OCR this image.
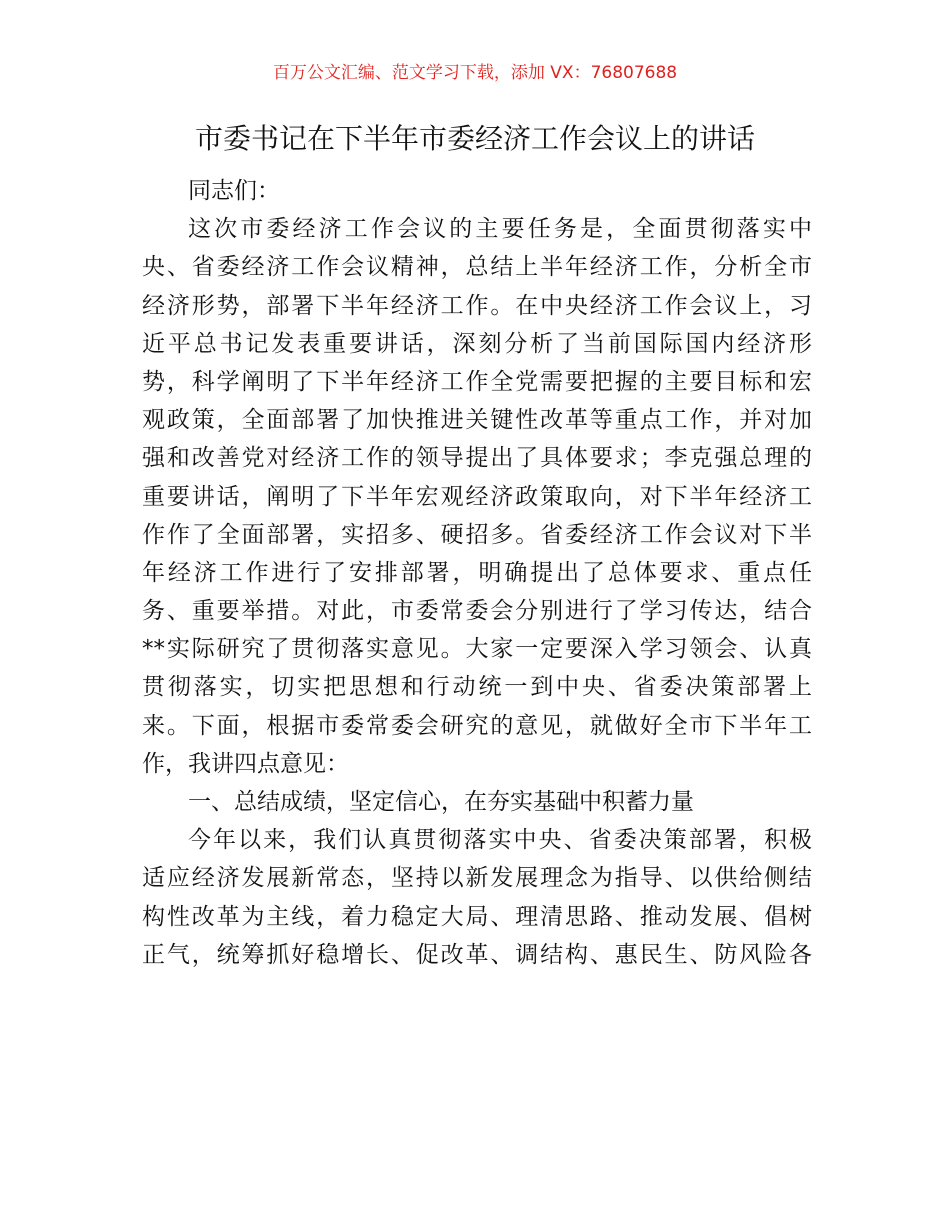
百万公文汇编、范文学习下载，添加 VX：76807688
市委书记在下半年市委经济工作会议上的讲话
同志们：
这次市委经济工作会议的主要任务是，全面贯彻落实中
央、省委经济工作会议精神，总结上半年经济工作，分析全市
经济形势，部署下半年经济工作。在中央经济工作会议上，习
近平总书记发表重要讲话，深刻分析了当前国际国内经济形
势，科学阐明了下半年经济工作全党需要把握的主要目标和宏
观政策，全面部署了加快推进关键性改革等重点工作，并对加
强和改善党对经济工作的领导提出了具体要求；李克强总理的
重要讲话，阐明了下半年宏观经济政策取向，对下半年经济工
作作了全面部署，实招多、硬招多。省委经济工作会议对下半
年经济工作进行了安排部署，明确提出了总体要求、重点任
务、重要举措。对此，市委常委会分别进行了学习传达，结合
**实际研究了贯彻落实意见。大家一定要深入学习领会、认真
贯彻落实，切实把思想和行动统一到中央、省委决策部署上
来。下面，根据市委常委会研究的意见，就做好全市下半年工
作，我讲四点意见：
一、总结成绩，坚定信心，在夯实基础中积蓄力量
今年以来，我们认真贯彻落实中央、省委决策部署，积极
适应经济发展新常态，坚持以新发展理念为指导、以供给侧结
构性改革为主线，着力稳定大局、理清思路、推动发展、倡树
正气，统筹抓好稳增长、促改革、调结构、惠民生、防风险各
